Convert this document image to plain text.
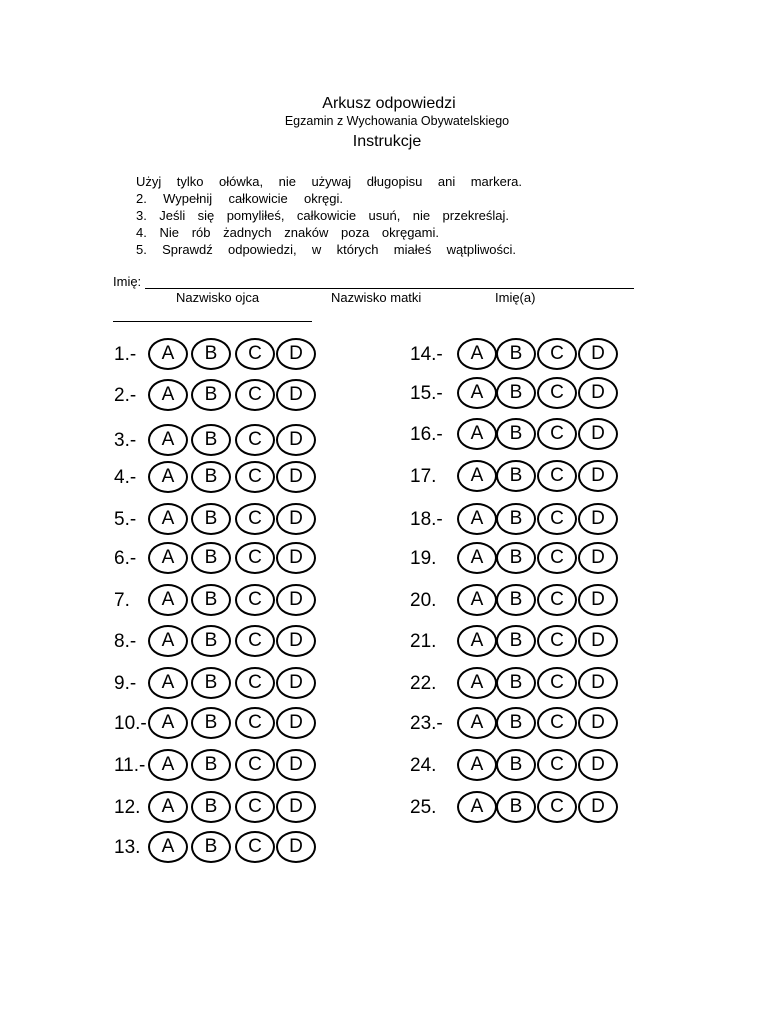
Arkusz odpowiedzi
Egzamin z Wychowania Obywatelskiego
Instrukcje
Użyj tylko ołówka, nie używaj długopisu ani markera.
2. Wypełnij całkowicie okręgi.
3. Jeśli się pomyliłeś, całkowicie usuń, nie przekreślaj.
4. Nie rób żadnych znaków poza okręgami.
5. Sprawdź odpowiedzi, w których miałeś wątpliwości.
Imię:
Nazwisko ojca	Nazwisko matki	Imię(a)
1.-	A	B	C	D
2.-	A	B	C	D
3.-	A	B	C	D
4.-	A	B	C	D
5.-	A	B	C	D
6.-	A	B	C	D
7.	A	B	C	D
8.-	A	B	C	D
9.-	A	B	C	D
10.- A	B	C	D
11.- A	B	C	D
12.	A	B	C	D
13.	A	B	C	D
14.-	A	B	C	D
15.-	A	B	C	D
16.-	A	B	C	D
17.	A	B	C	D
18.-	A	B	C	D
19.	A	B	C	D
20.	A	B	C	D
21.	A	B	C	D
22.	A	B	C	D
23.-	A	B	C	D
24.	A	B	C	D
25.	A	B	C	D
